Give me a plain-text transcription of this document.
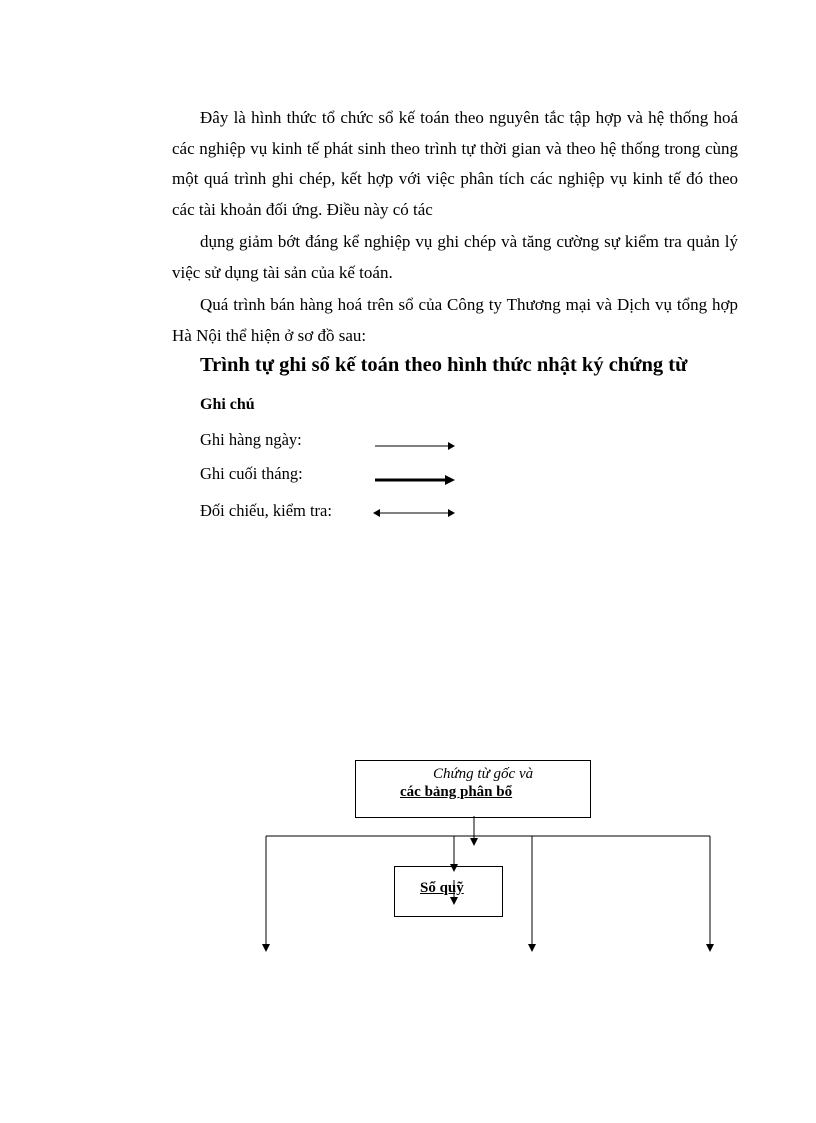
Đây là hình thức tổ chức sổ kế toán theo nguyên tắc tập hợp và hệ thống hoá các nghiệp vụ kinh tế phát sinh theo trình tự thời gian và theo hệ thống trong cùng một quá trình ghi chép, kết hợp với việc phân tích các nghiệp vụ kinh tế đó theo các tài khoản đối ứng. Điều này có tác

dụng giảm bớt đáng kể nghiệp vụ ghi chép và tăng cường sự kiểm tra quản lý việc sử dụng tài sản của kế toán.

Quá trình bán hàng hoá trên sổ của Công ty Thương mại và Dịch vụ tổng hợp Hà Nội thể hiện ở sơ đồ sau:

Trình tự ghi sổ kế toán theo hình thức nhật ký chứng từ

Ghi chú

Ghi hàng ngày:

Ghi cuối tháng:

Đối chiếu, kiểm tra:

Chứng từ gốc và

các bảng phân bổ

Sổ quỹ
